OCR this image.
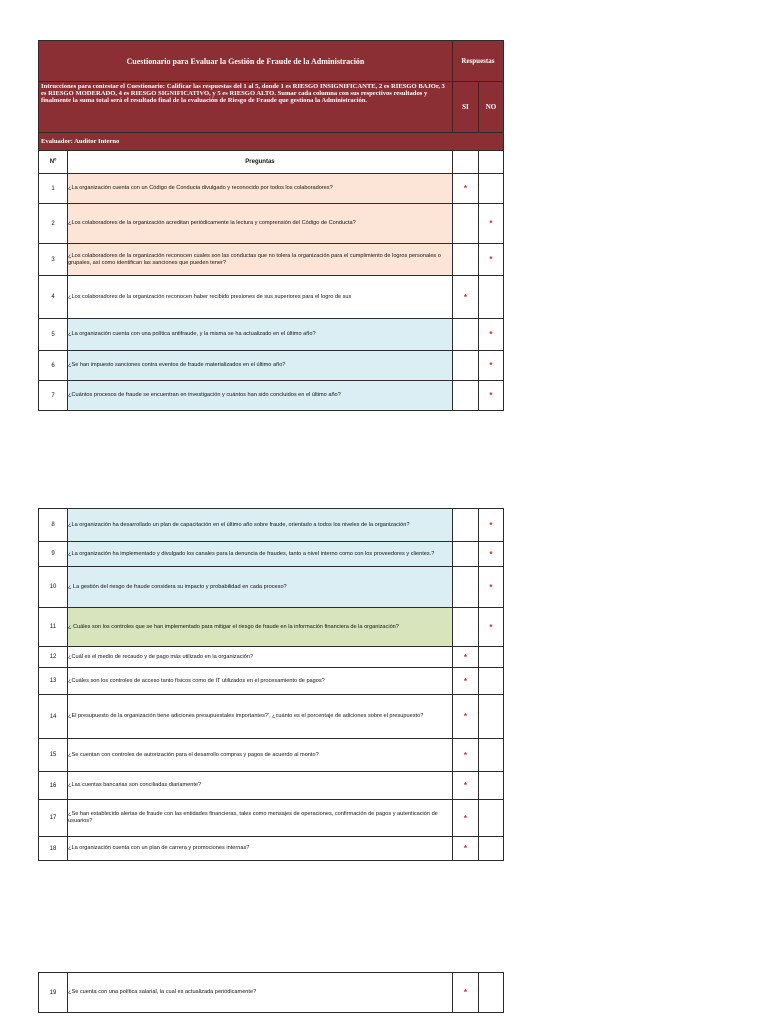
Cuestionario para Evaluar la Gestión de Fraude de la Administración		Respuestas	
Intrucciones para contestar el Cuestionario: Calificar las respuestas del 1 al 5, donde 1 es RIESGO INSIGNIFICANTE, 2 es RIESGO BAJOr, 3 es RIESGO MODERADO, 4 es RIESGO SIGNIFICATIVO, y 5 es RIESGO ALTO. Sumar cada columna con sus respectivos resultados y finalmente la suma total será el resultado final de la evaluación de Riesgo de Fraude que gestiona la Administración.		SI	NO
Evaluador: Auditor Interno			
Nº	Preguntas		
1	¿La organización cuenta con un Código de Conducta divulgado y reconocido por todos los colaboradores?	*	
2	¿Los colaboradores de la organización acreditan periódicamente la lectura y comprensión del Código de Conducta?		*
3	¿Los colaboradores de la organización reconocen cuales son las conductas que no tolera la organización para el cumplimiento de logros personales o grupales, así como identifican las sanciones que pueden tener?		*
4	¿Los colaboradores de la organización reconocen haber recibido presiones de sus superiores para el logro de sus	*	
5	¿La organización cuenta con una política antifraude, y la misma se ha actualizado en el último año?		*
6	¿Se han impuesto sanciones contra eventos de fraude materializados en el último año?		*
7	¿Cuántos procesos de fraude se encuentran en investigación y cuántos han sido concluidos en el último año?		*
8	¿La organización ha desarrollado un plan de capacitación en el último año sobre fraude, orientado a todos los niveles de la organización?		*
9	¿La organización ha implementado y divulgado los canales para la denuncia de fraudes, tanto a nivel interno como con los proveedores y clientes.?		*
10	¿ La gestión del riesgo de fraude considera su impacto y probabilidad en cada proceso?		*
11	¿ Cuáles son los controles que se han implementado para mitigar el riesgo de fraude en la información financiera de la organización?		*
12	¿Cuál es el medio de recaudo y de pago más utilizado en la organización?	*	
13	¿Cuáles son los controles de acceso tanto físicos como de IT utilizados en el procesamiento de pagos?	*	
14	¿El presupuesto de la organización tiene adiciones presupuestales importantes?', ¿cuánto es el porcentaje de adiciones sobre el presupuesto?	*	
15	¿Se cuentan con controles de autorización para el desarrollo compras y pagos de acuerdo al monto?	*	
16	¿Las cuentas bancarias son conciliadas diariamente?	*	
17	¿Se han establecido alertas de fraude con las entidades financieras, tales como mensajes de operaciones, confirmación de pagos y autenticación de usuarios?	*	
18	¿La organización cuenta con un plan de carrera y promociones internas?	*	
19	¿Se cuenta con una política salarial, la cual es actualizada periódicamente?	*	
